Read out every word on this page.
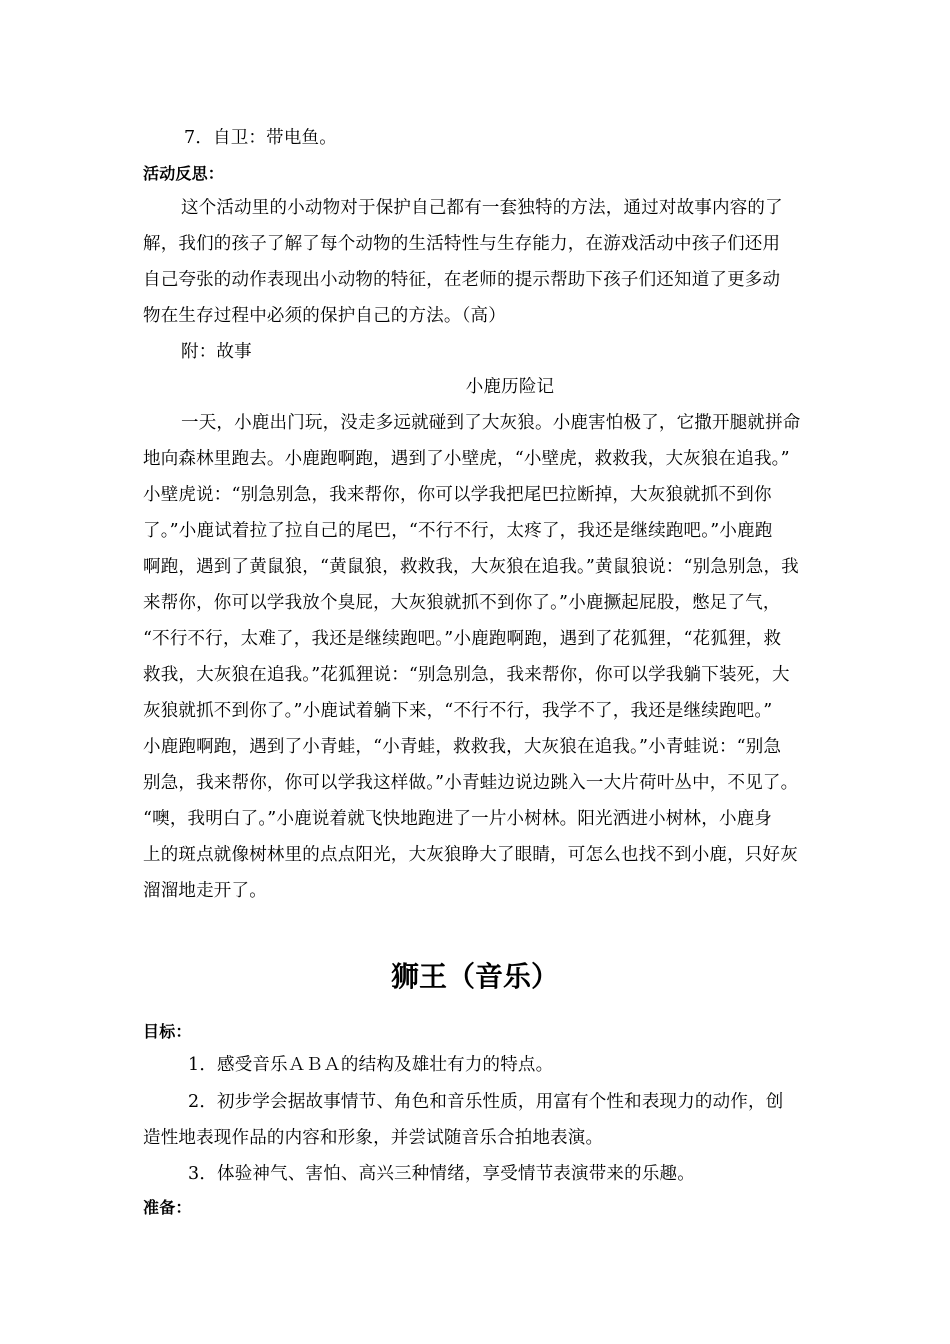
7．自卫：带电鱼。
活动反思：
这个活动里的小动物对于保护自己都有一套独特的方法，通过对故事内容的了
解，我们的孩子了解了每个动物的生活特性与生存能力，在游戏活动中孩子们还用
自己夸张的动作表现出小动物的特征，在老师的提示帮助下孩子们还知道了更多动
物在生存过程中必须的保护自己的方法。（高）
附：故事
小鹿历险记
一天，小鹿出门玩，没走多远就碰到了大灰狼。小鹿害怕极了，它撒开腿就拼命
地向森林里跑去。小鹿跑啊跑，遇到了小壁虎，“小壁虎，救救我，大灰狼在追我。”
小壁虎说：“别急别急，我来帮你，你可以学我把尾巴拉断掉，大灰狼就抓不到你
了。”小鹿试着拉了拉自己的尾巴，“不行不行，太疼了，我还是继续跑吧。”小鹿跑
啊跑，遇到了黄鼠狼，“黄鼠狼，救救我，大灰狼在追我。”黄鼠狼说：“别急别急，我
来帮你，你可以学我放个臭屁，大灰狼就抓不到你了。”小鹿撅起屁股，憋足了气，
“不行不行，太难了，我还是继续跑吧。”小鹿跑啊跑，遇到了花狐狸，“花狐狸，救
救我，大灰狼在追我。”花狐狸说：“别急别急，我来帮你，你可以学我躺下装死，大
灰狼就抓不到你了。”小鹿试着躺下来，“不行不行，我学不了，我还是继续跑吧。”
小鹿跑啊跑，遇到了小青蛙，“小青蛙，救救我，大灰狼在追我。”小青蛙说：“别急
别急，我来帮你，你可以学我这样做。”小青蛙边说边跳入一大片荷叶丛中，不见了。
“噢，我明白了。”小鹿说着就飞快地跑进了一片小树林。阳光洒进小树林，小鹿身
上的斑点就像树林里的点点阳光，大灰狼睁大了眼睛，可怎么也找不到小鹿，只好灰
溜溜地走开了。
狮王（音乐）
目标：
1．感受音乐ＡＢＡ的结构及雄壮有力的特点。
2．初步学会据故事情节、角色和音乐性质，用富有个性和表现力的动作，创
造性地表现作品的内容和形象，并尝试随音乐合拍地表演。
3．体验神气、害怕、高兴三种情绪，享受情节表演带来的乐趣。
准备：
